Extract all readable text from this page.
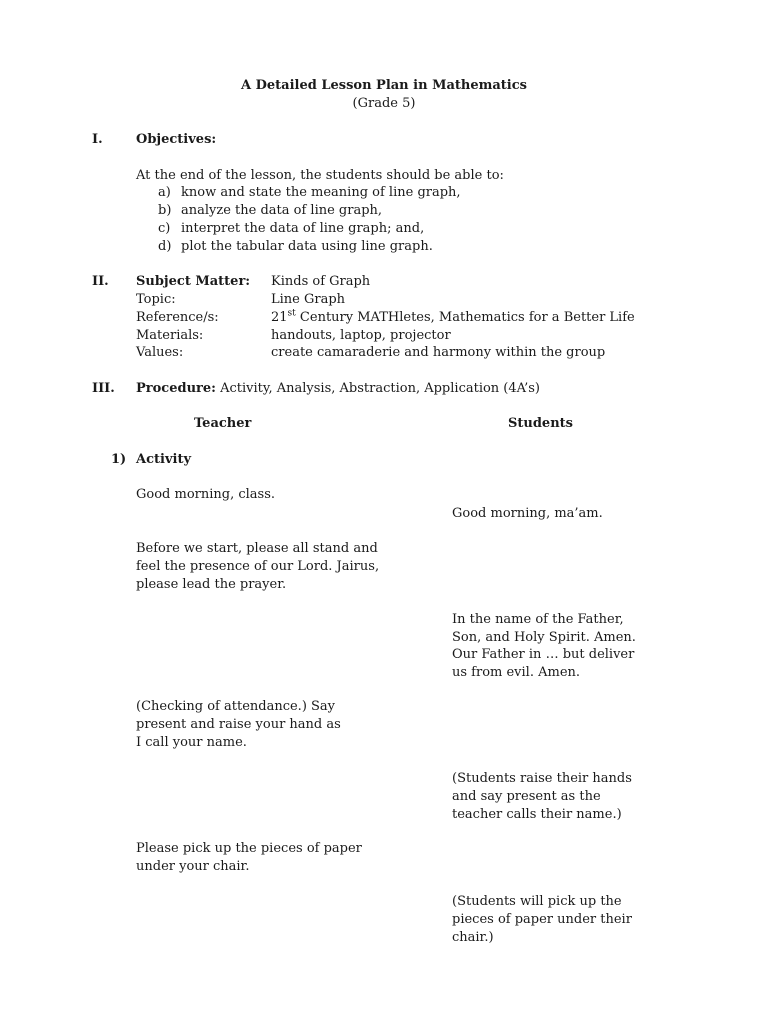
A Detailed Lesson Plan in Mathematics
(Grade 5)
I.	Objectives:
At the end of the lesson, the students should be able to:
a) know and state the meaning of line graph,
b) analyze the data of line graph,
c) interpret the data of line graph; and,
d) plot the tabular data using line graph.
II. Subject Matter: Kinds of Graph
Topic:	Line Graph
Reference/s:	21st Century MATHletes, Mathematics for a Better Life
Materials:	handouts, laptop, projector
Values:	create camaraderie and harmony within the group
III. Procedure: Activity, Analysis, Abstraction, Application (4A’s)
Teacher	Students
1) Activity
Good morning, class.
Good morning, ma’am.
Before we start, please all stand and
feel the presence of our Lord. Jairus,
please lead the prayer.
In the name of the Father,
Son, and Holy Spirit. Amen.
Our Father in … but deliver
us from evil. Amen.
(Checking of attendance.) Say
present and raise your hand as
I call your name.
(Students raise their hands
and say present as the
teacher calls their name.)
Please pick up the pieces of paper
under your chair.
(Students will pick up the
pieces of paper under their
chair.)
